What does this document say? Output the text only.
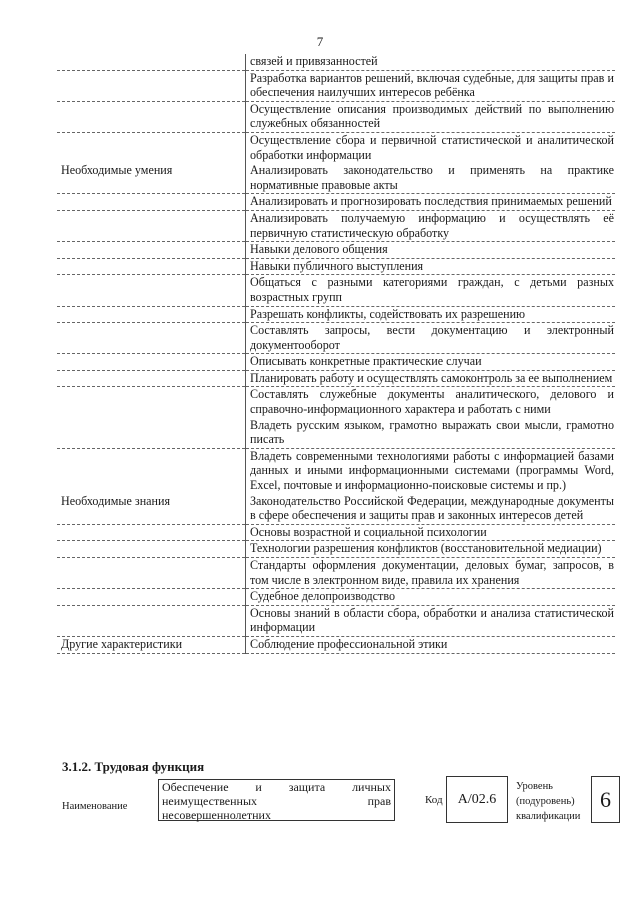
7
	связей и привязанностей
	Разработка вариантов решений, включая судебные, для защиты прав и обеспечения наилучших интересов ребёнка
	Осуществление описания производимых действий по выполнению служебных обязанностей
	Осуществление сбора и первичной статистической и аналитической обработки информации
Необходимые умения	Анализировать законодательство и применять на практике нормативные правовые акты
	Анализировать и прогнозировать последствия принимаемых решений
	Анализировать получаемую информацию и осуществлять её первичную статистическую обработку
	Навыки делового общения
	Навыки публичного выступления
	Общаться с разными категориями граждан, с детьми разных возрастных групп
	Разрешать конфликты, содействовать их разрешению
	Составлять запросы, вести документацию и электронный документооборот
	Описывать конкретные практические случаи
	Планировать работу и осуществлять самоконтроль за ее выполнением
	Составлять служебные документы аналитического, делового и справочно-информационного характера и работать с ними
	Владеть русским языком, грамотно выражать свои мысли, грамотно писать
	Владеть современными технологиями работы с информацией базами данных и иными информационными системами (программы Word, Excel, почтовые и информационно-поисковые системы и пр.)
Необходимые знания	Законодательство Российской Федерации, международные документы в сфере обеспечения и защиты прав и законных интересов детей
	Основы возрастной и социальной психологии
	Технологии разрешения конфликтов (восстановительной медиации)
	Стандарты оформления документации, деловых бумаг, запросов, в том числе в электронном виде, правила их хранения
	Судебное делопроизводство
	Основы знаний в области сбора, обработки и анализа статистической информации
Другие характеристики	Соблюдение профессиональной этики
3.1.2. Трудовая функция
Наименование
Обеспечение и защита личных неимущественных прав несовершеннолетних
Код	A/02.6
Уровень (подуровень) квалификации
6
